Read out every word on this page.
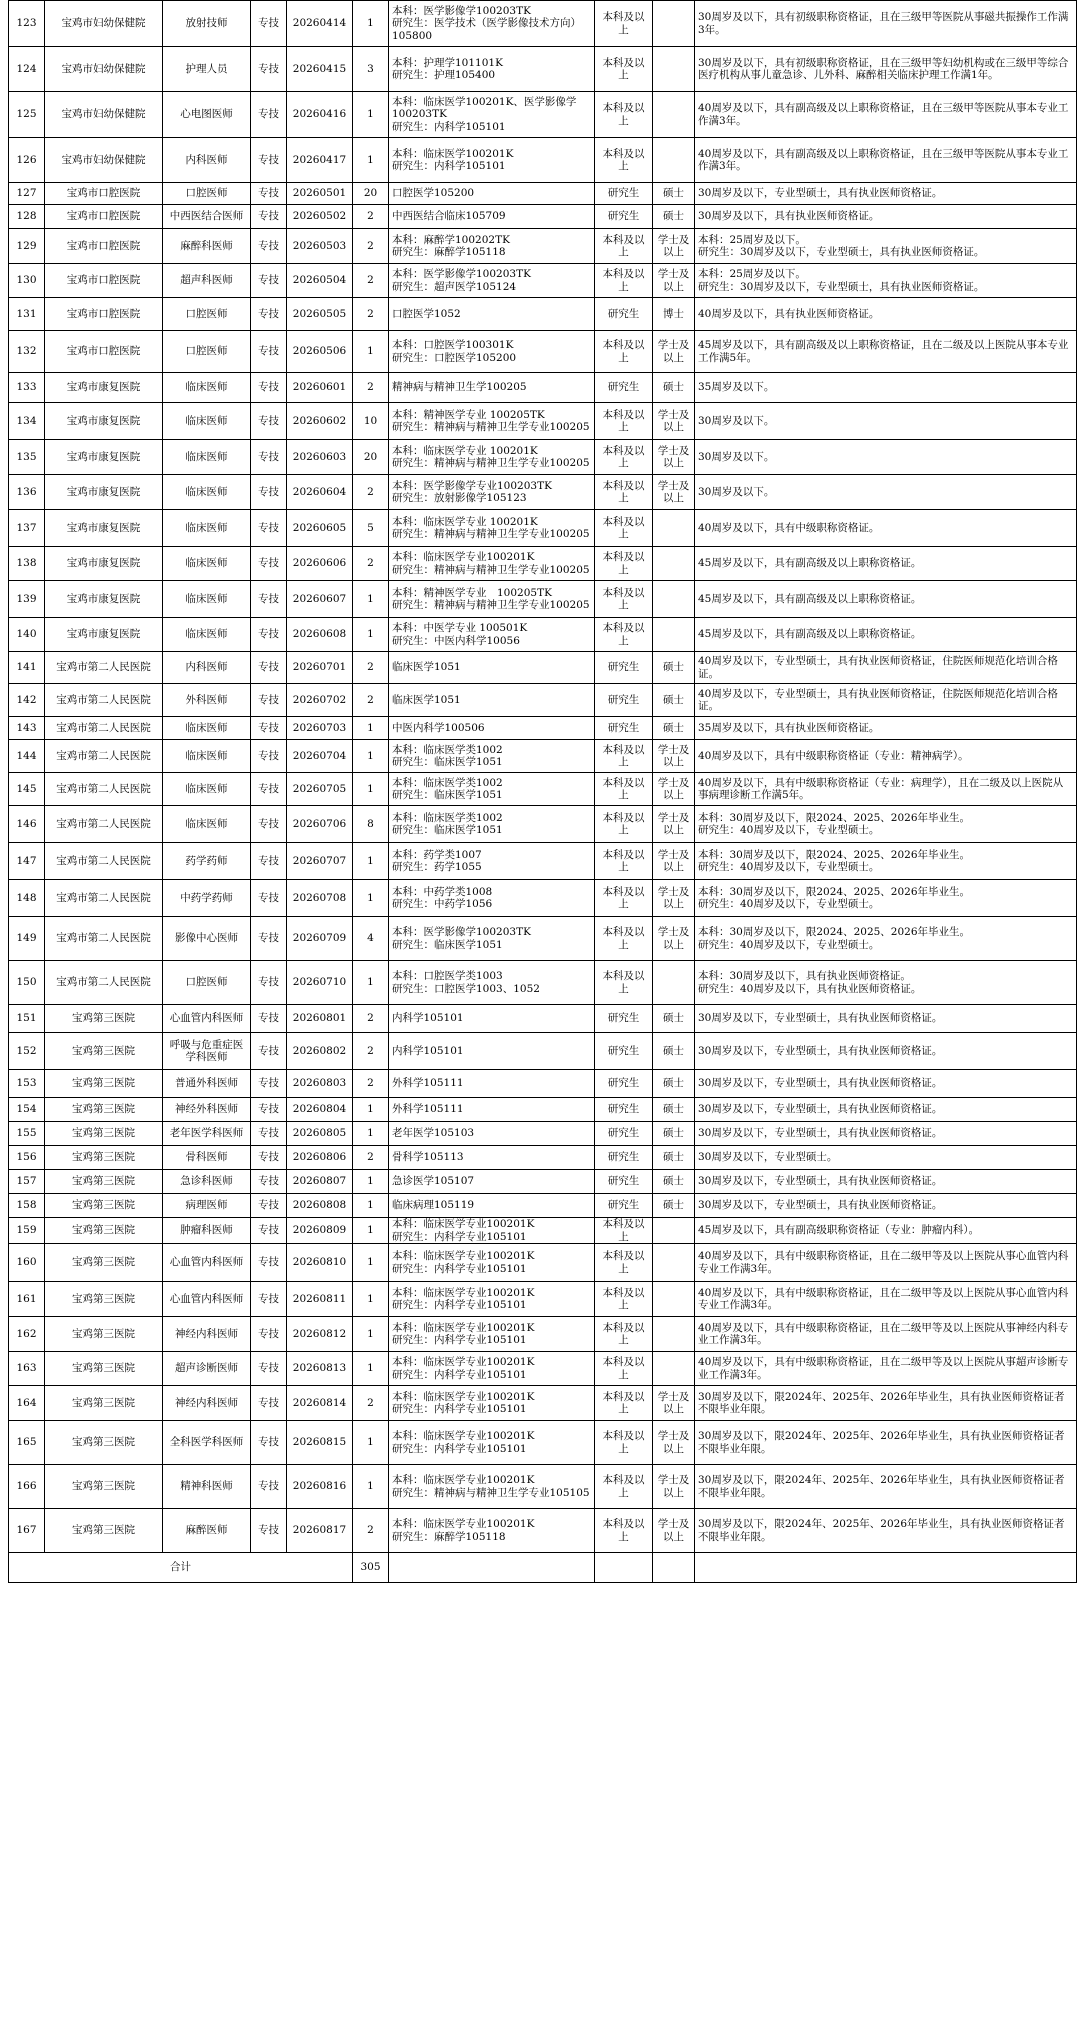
123	宝鸡市妇幼保健院	放射技师	专技	20260414	1	本科：医学影像学100203TK
研究生：医学技术（医学影像技术方向）105800	本科及以上		30周岁及以下，具有初级职称资格证，且在三级甲等医院从事磁共振操作工作满3年。
124	宝鸡市妇幼保健院	护理人员	专技	20260415	3	本科：护理学101101K
研究生：护理105400	本科及以上		30周岁及以下，具有初级职称资格证，且在三级甲等妇幼机构或在三级甲等综合医疗机构从事儿童急诊、儿外科、麻醉相关临床护理工作满1年。
125	宝鸡市妇幼保健院	心电图医师	专技	20260416	1	本科：临床医学100201K、医学影像学100203TK
研究生：内科学105101	本科及以上		40周岁及以下，具有副高级及以上职称资格证，且在三级甲等医院从事本专业工作满3年。
126	宝鸡市妇幼保健院	内科医师	专技	20260417	1	本科：临床医学100201K
研究生：内科学105101	本科及以上		40周岁及以下，具有副高级及以上职称资格证，且在三级甲等医院从事本专业工作满3年。
127	宝鸡市口腔医院	口腔医师	专技	20260501	20	口腔医学105200	研究生	硕士	30周岁及以下，专业型硕士，具有执业医师资格证。
128	宝鸡市口腔医院	中西医结合医师	专技	20260502	2	中西医结合临床105709	研究生	硕士	30周岁及以下，具有执业医师资格证。
129	宝鸡市口腔医院	麻醉科医师	专技	20260503	2	本科：麻醉学100202TK
研究生：麻醉学105118	本科及以上	学士及以上	本科：25周岁及以下。
研究生：30周岁及以下，专业型硕士，具有执业医师资格证。
130	宝鸡市口腔医院	超声科医师	专技	20260504	2	本科：医学影像学100203TK
研究生：超声医学105124	本科及以上	学士及以上	本科：25周岁及以下。
研究生：30周岁及以下，专业型硕士，具有执业医师资格证。
131	宝鸡市口腔医院	口腔医师	专技	20260505	2	口腔医学1052	研究生	博士	40周岁及以下，具有执业医师资格证。
132	宝鸡市口腔医院	口腔医师	专技	20260506	1	本科：口腔医学100301K
研究生：口腔医学105200	本科及以上	学士及以上	45周岁及以下，具有副高级及以上职称资格证，且在二级及以上医院从事本专业工作满5年。
133	宝鸡市康复医院	临床医师	专技	20260601	2	精神病与精神卫生学100205	研究生	硕士	35周岁及以下。
134	宝鸡市康复医院	临床医师	专技	20260602	10	本科：精神医学专业 100205TK
研究生：精神病与精神卫生学专业100205	本科及以上	学士及以上	30周岁及以下。
135	宝鸡市康复医院	临床医师	专技	20260603	20	本科：临床医学专业 100201K
研究生：精神病与精神卫生学专业100205	本科及以上	学士及以上	30周岁及以下。
136	宝鸡市康复医院	临床医师	专技	20260604	2	本科：医学影像学专业100203TK
研究生：放射影像学105123	本科及以上	学士及以上	30周岁及以下。
137	宝鸡市康复医院	临床医师	专技	20260605	5	本科：临床医学专业 100201K
研究生：精神病与精神卫生学专业100205	本科及以上		40周岁及以下，具有中级职称资格证。
138	宝鸡市康复医院	临床医师	专技	20260606	2	本科：临床医学专业100201K
研究生：精神病与精神卫生学专业100205	本科及以上		45周岁及以下，具有副高级及以上职称资格证。
139	宝鸡市康复医院	临床医师	专技	20260607	1	本科：精神医学专业　100205TK
研究生：精神病与精神卫生学专业100205	本科及以上		45周岁及以下，具有副高级及以上职称资格证。
140	宝鸡市康复医院	临床医师	专技	20260608	1	本科：中医学专业 100501K
研究生：中医内科学10056	本科及以上		45周岁及以下，具有副高级及以上职称资格证。
141	宝鸡市第二人民医院	内科医师	专技	20260701	2	临床医学1051	研究生	硕士	40周岁及以下，专业型硕士，具有执业医师资格证，住院医师规范化培训合格证。
142	宝鸡市第二人民医院	外科医师	专技	20260702	2	临床医学1051	研究生	硕士	40周岁及以下，专业型硕士，具有执业医师资格证，住院医师规范化培训合格证。
143	宝鸡市第二人民医院	临床医师	专技	20260703	1	中医内科学100506	研究生	硕士	35周岁及以下，具有执业医师资格证。
144	宝鸡市第二人民医院	临床医师	专技	20260704	1	本科：临床医学类1002
研究生：临床医学1051	本科及以上	学士及以上	40周岁及以下，具有中级职称资格证（专业：精神病学）。
145	宝鸡市第二人民医院	临床医师	专技	20260705	1	本科：临床医学类1002
研究生：临床医学1051	本科及以上	学士及以上	40周岁及以下，具有中级职称资格证（专业：病理学），且在二级及以上医院从事病理诊断工作满5年。
146	宝鸡市第二人民医院	临床医师	专技	20260706	8	本科：临床医学类1002
研究生：临床医学1051	本科及以上	学士及以上	本科：30周岁及以下，限2024、2025、2026年毕业生。
研究生：40周岁及以下，专业型硕士。
147	宝鸡市第二人民医院	药学药师	专技	20260707	1	本科：药学类1007
研究生：药学1055	本科及以上	学士及以上	本科：30周岁及以下，限2024、2025、2026年毕业生。
研究生：40周岁及以下，专业型硕士。
148	宝鸡市第二人民医院	中药学药师	专技	20260708	1	本科：中药学类1008
研究生：中药学1056	本科及以上	学士及以上	本科：30周岁及以下，限2024、2025、2026年毕业生。
研究生：40周岁及以下，专业型硕士。
149	宝鸡市第二人民医院	影像中心医师	专技	20260709	4	本科：医学影像学100203TK
研究生：临床医学1051	本科及以上	学士及以上	本科：30周岁及以下，限2024、2025、2026年毕业生。
研究生：40周岁及以下，专业型硕士。
150	宝鸡市第二人民医院	口腔医师	专技	20260710	1	本科：口腔医学类1003
研究生：口腔医学1003、1052	本科及以上		本科：30周岁及以下，具有执业医师资格证。
研究生：40周岁及以下，具有执业医师资格证。
151	宝鸡第三医院	心血管内科医师	专技	20260801	2	内科学105101	研究生	硕士	30周岁及以下，专业型硕士，具有执业医师资格证。
152	宝鸡第三医院	呼吸与危重症医学科医师	专技	20260802	2	内科学105101	研究生	硕士	30周岁及以下，专业型硕士，具有执业医师资格证。
153	宝鸡第三医院	普通外科医师	专技	20260803	2	外科学105111	研究生	硕士	30周岁及以下，专业型硕士，具有执业医师资格证。
154	宝鸡第三医院	神经外科医师	专技	20260804	1	外科学105111	研究生	硕士	30周岁及以下，专业型硕士，具有执业医师资格证。
155	宝鸡第三医院	老年医学科医师	专技	20260805	1	老年医学105103	研究生	硕士	30周岁及以下，专业型硕士，具有执业医师资格证。
156	宝鸡第三医院	骨科医师	专技	20260806	2	骨科学105113	研究生	硕士	30周岁及以下，专业型硕士。
157	宝鸡第三医院	急诊科医师	专技	20260807	1	急诊医学105107	研究生	硕士	30周岁及以下，专业型硕士，具有执业医师资格证。
158	宝鸡第三医院	病理医师	专技	20260808	1	临床病理105119	研究生	硕士	30周岁及以下，专业型硕士，具有执业医师资格证。
159	宝鸡第三医院	肿瘤科医师	专技	20260809	1	本科：临床医学专业100201K
研究生：内科学专业105101	本科及以上		45周岁及以下，具有副高级职称资格证（专业：肿瘤内科）。
160	宝鸡第三医院	心血管内科医师	专技	20260810	1	本科：临床医学专业100201K
研究生：内科学专业105101	本科及以上		40周岁及以下，具有中级职称资格证，且在二级甲等及以上医院从事心血管内科专业工作满3年。
161	宝鸡第三医院	心血管内科医师	专技	20260811	1	本科：临床医学专业100201K
研究生：内科学专业105101	本科及以上		40周岁及以下，具有中级职称资格证，且在二级甲等及以上医院从事心血管内科专业工作满3年。
162	宝鸡第三医院	神经内科医师	专技	20260812	1	本科：临床医学专业100201K
研究生：内科学专业105101	本科及以上		40周岁及以下，具有中级职称资格证，且在二级甲等及以上医院从事神经内科专业工作满3年。
163	宝鸡第三医院	超声诊断医师	专技	20260813	1	本科：临床医学专业100201K
研究生：内科学专业105101	本科及以上		40周岁及以下，具有中级职称资格证，且在二级甲等及以上医院从事超声诊断专业工作满3年。
164	宝鸡第三医院	神经内科医师	专技	20260814	2	本科：临床医学专业100201K
研究生：内科学专业105101	本科及以上	学士及以上	30周岁及以下，限2024年、2025年、2026年毕业生，具有执业医师资格证者不限毕业年限。
165	宝鸡第三医院	全科医学科医师	专技	20260815	1	本科：临床医学专业100201K
研究生：内科学专业105101	本科及以上	学士及以上	30周岁及以下，限2024年、2025年、2026年毕业生，具有执业医师资格证者不限毕业年限。
166	宝鸡第三医院	精神科医师	专技	20260816	1	本科：临床医学专业100201K
研究生：精神病与精神卫生学专业105105	本科及以上	学士及以上	30周岁及以下，限2024年、2025年、2026年毕业生，具有执业医师资格证者不限毕业年限。
167	宝鸡第三医院	麻醉医师	专技	20260817	2	本科：临床医学专业100201K
研究生：麻醉学105118	本科及以上	学士及以上	30周岁及以下，限2024年、2025年、2026年毕业生，具有执业医师资格证者不限毕业年限。
合计					305				
